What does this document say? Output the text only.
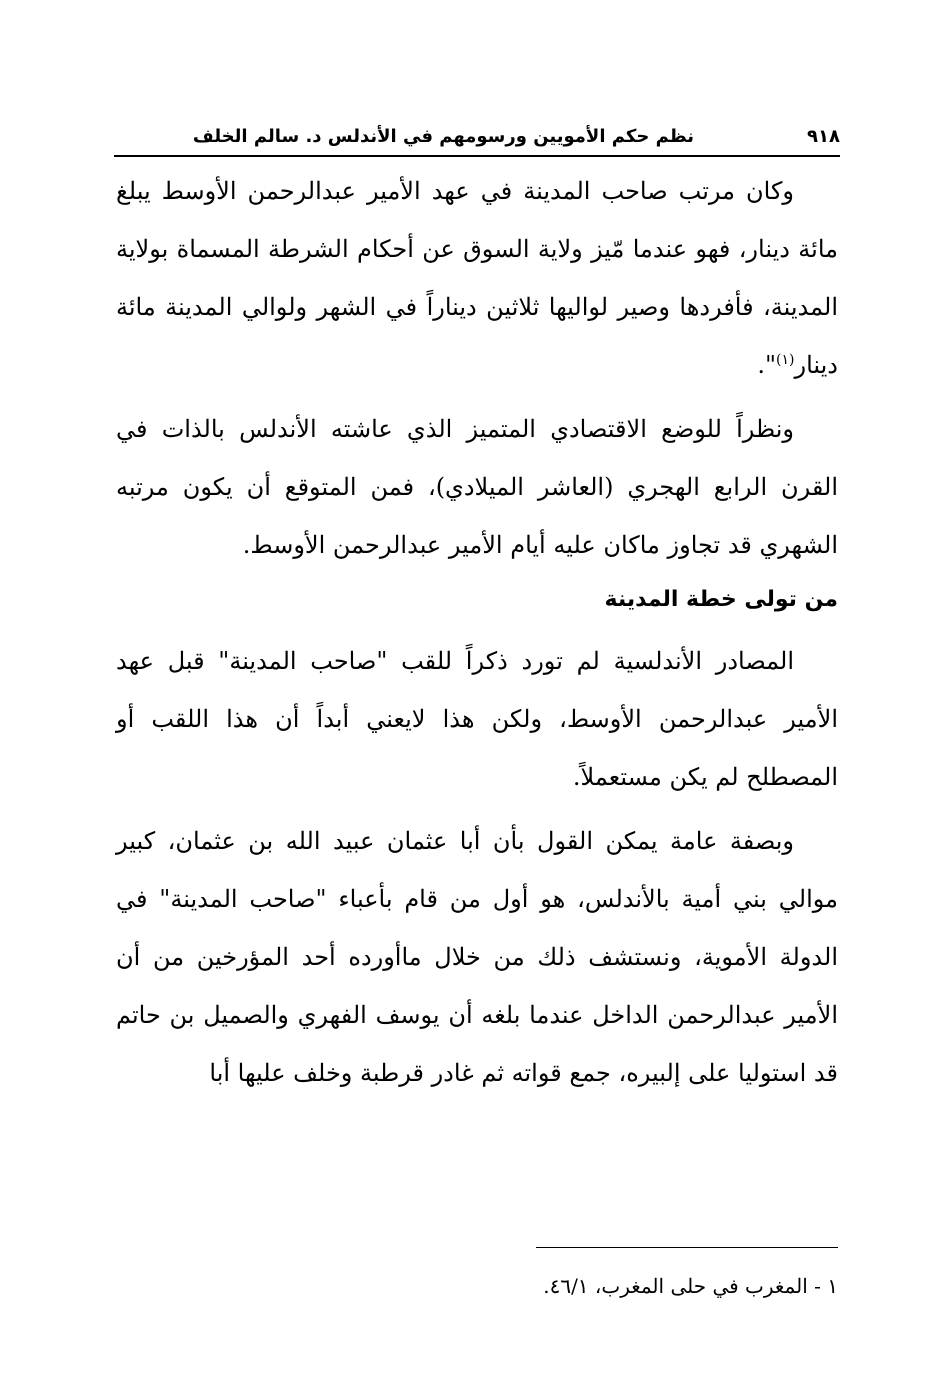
٩١٨
نظم حكم الأمويين ورسومهم في الأندلس د. سالم الخلف

وكان مرتب صاحب المدينة في عهد الأمير عبدالرحمن الأوسط يبلغ مائة دينار، فهو عندما مّيز ولاية السوق عن أحكام الشرطة المسماة بولاية المدينة، فأفردها وصير لواليها ثلاثين ديناراً في الشهر ولوالي المدينة مائة دينار$^{(١)}$".

ونظراً للوضع الاقتصادي المتميز الذي عاشته الأندلس بالذات في القرن الرابع الهجري (العاشر الميلادي)، فمن المتوقع أن يكون مرتبه الشهري قد تجاوز ماكان عليه أيام الأمير عبدالرحمن الأوسط.

من تولى خطة المدينة

المصادر الأندلسية لم تورد ذكراً للقب "صاحب المدينة" قبل عهد الأمير عبدالرحمن الأوسط، ولكن هذا لايعني أبداً أن هذا اللقب أو المصطلح لم يكن مستعملاً.

وبصفة عامة يمكن القول بأن أبا عثمان عبيد الله بن عثمان، كبير موالي بني أمية بالأندلس، هو أول من قام بأعباء "صاحب المدينة" في الدولة الأموية، ونستشف ذلك من خلال ماأورده أحد المؤرخين من أن الأمير عبدالرحمن الداخل عندما بلغه أن يوسف الفهري والصميل بن حاتم قد استوليا على إلبيره، جمع قواته ثم غادر قرطبة وخلف عليها أبا

١ - المغرب في حلى المغرب، ٤٦/١.
